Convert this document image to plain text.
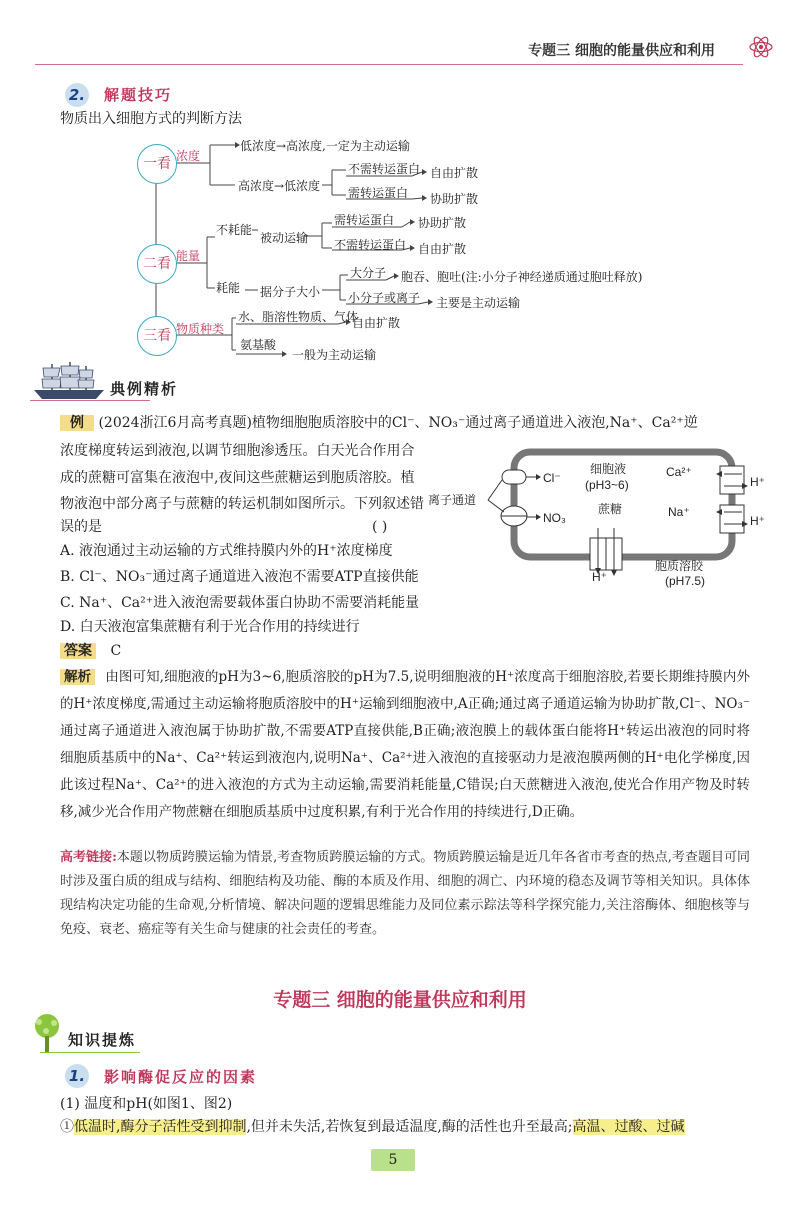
专题三 细胞的能量供应和利用
2. 解题技巧
物质出入细胞方式的判断方法
一看
二看
三看
浓度
能量
物质种类
低浓度→高浓度,一定为主动运输
高浓度→低浓度
不需转运蛋白
需转运蛋白
自由扩散
协助扩散
不耗能
被动运输
需转运蛋白
不需转运蛋白
协助扩散
自由扩散
耗能 据分子大小
大分子 胞吞、胞吐(注:小分子神经递质通过胞吐释放)
小分子或离子 主要是主动运输
水、脂溶性物质、气体
自由扩散
氨基酸
一般为主动运输
典例精析
例 (2024浙江6月高考真题)植物细胞胞质溶胶中的Cl⁻、NO₃⁻通过离子通道进入液泡,Na⁺、Ca²⁺逆
浓度梯度转运到液泡,以调节细胞渗透压。白天光合作用合
成的蔗糖可富集在液泡中,夜间这些蔗糖运到胞质溶胶。植
物液泡中部分离子与蔗糖的转运机制如图所示。下列叙述错
误的是	( )
A. 液泡通过主动运输的方式维持膜内外的H⁺浓度梯度
B. Cl⁻、NO₃⁻通过离子通道进入液泡不需要ATP直接供能
C. Na⁺、Ca²⁺进入液泡需要载体蛋白协助不需要消耗能量
D. 白天液泡富集蔗糖有利于光合作用的持续进行
Cl⁻
NO₃
细胞液
(pH3~6)
Ca²⁺
H⁺
Na⁺
H⁺
蔗糖
H⁺
离子通道
胞质溶胶
(pH7.5)
答案 C
解析 由图可知,细胞液的pH为3~6,胞质溶胶的pH为7.5,说明细胞液的H⁺浓度高于细胞溶胶,若要长期维持膜内外的H⁺浓度梯度,需通过主动运输将胞质溶胶中的H⁺运输到细胞液中,A正确;通过离子通道运输为协助扩散,Cl⁻、NO₃⁻通过离子通道进入液泡属于协助扩散,不需要ATP直接供能,B正确;液泡膜上的载体蛋白能将H⁺转运出液泡的同时将细胞质基质中的Na⁺、Ca²⁺转运到液泡内,说明Na⁺、Ca²⁺进入液泡的直接驱动力是液泡膜两侧的H⁺电化学梯度,因此该过程Na⁺、Ca²⁺的进入液泡的方式为主动运输,需要消耗能量,C错误;白天蔗糖进入液泡,使光合作用产物及时转移,减少光合作用产物蔗糖在细胞质基质中过度积累,有利于光合作用的持续进行,D正确。
高考链接:本题以物质跨膜运输为情景,考查物质跨膜运输的方式。物质跨膜运输是近几年各省市考查的热点,考查题目可同时涉及蛋白质的组成与结构、细胞结构及功能、酶的本质及作用、细胞的凋亡、内环境的稳态及调节等相关知识。具体体现结构决定功能的生命观,分析情境、解决问题的逻辑思维能力及同位素示踪法等科学探究能力,关注溶酶体、细胞核等与免疫、衰老、癌症等有关生命与健康的社会责任的考查。
专题三 细胞的能量供应和利用
知识提炼
1. 影响酶促反应的因素
(1) 温度和pH(如图1、图2)
①低温时,酶分子活性受到抑制,但并未失活,若恢复到最适温度,酶的活性也升至最高;高温、过酸、过碱
5
